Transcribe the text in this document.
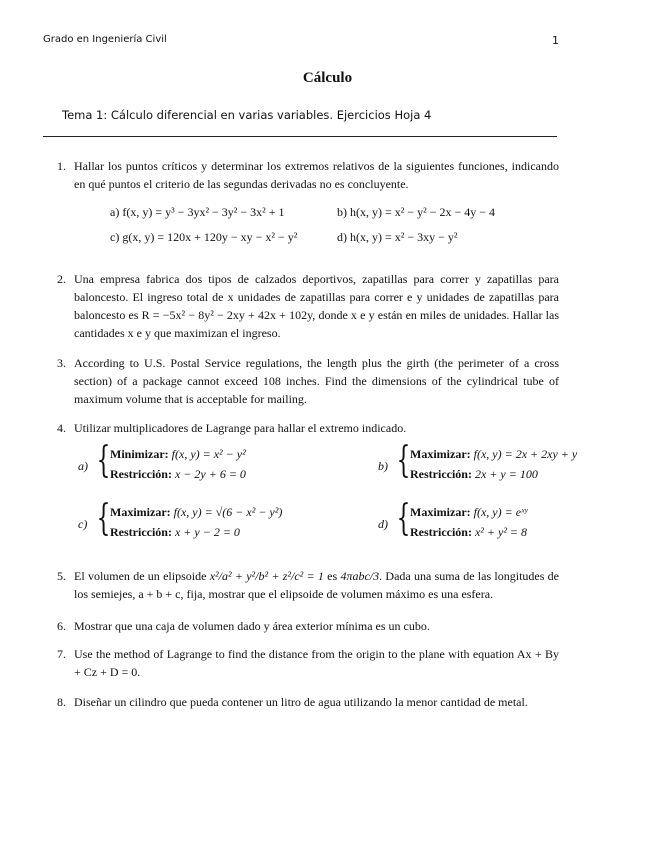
Grado en Ingeniería Civil	1
Cálculo
Tema 1: Cálculo diferencial en varias variables. Ejercicios Hoja 4
1. Hallar los puntos críticos y determinar los extremos relativos de la siguientes funciones, indicando en qué puntos el criterio de las segundas derivadas no es concluyente.
a) f(x, y) = y³ − 3yx² − 3y² − 3x² + 1	b) h(x, y) = x² − y² − 2x − 4y − 4
c) g(x, y) = 120x + 120y − xy − x² − y²	d) h(x, y) = x² − 3xy − y²
2. Una empresa fabrica dos tipos de calzados deportivos, zapatillas para correr y zapatillas para baloncesto. El ingreso total de x unidades de zapatillas para correr e y unidades de zapatillas para baloncesto es R = −5x² − 8y² − 2xy + 42x + 102y, donde x e y están en miles de unidades. Hallar las cantidades x e y que maximizan el ingreso.
3. According to U.S. Postal Service regulations, the length plus the girth (the perimeter of a cross section) of a package cannot exceed 108 inches. Find the dimensions of the cylindrical tube of maximum volume that is acceptable for mailing.
4. Utilizar multiplicadores de Lagrange para hallar el extremo indicado.
a) { Minimizar: f(x, y) = x² − y²
Restricción: x − 2y + 6 = 0
b) { Maximizar: f(x, y) = 2x + 2xy + y
Restricción: 2x + y = 100
c) { Maximizar: f(x, y) = √(6 − x² − y²)
Restricción: x + y − 2 = 0
d) { Maximizar: f(x, y) = eˣʸ
Restricción: x² + y² = 8
5. El volumen de un elipsoide x²/a² + y²/b² + z²/c² = 1 es 4πabc/3. Dada una suma de las longitudes de los semiejes, a + b + c, fija, mostrar que el elipsoide de volumen máximo es una esfera.
6. Mostrar que una caja de volumen dado y área exterior mínima es un cubo.
7. Use the method of Lagrange to find the distance from the origin to the plane with equation Ax + By + Cz + D = 0.
8. Diseñar un cilindro que pueda contener un litro de agua utilizando la menor cantidad de metal.
